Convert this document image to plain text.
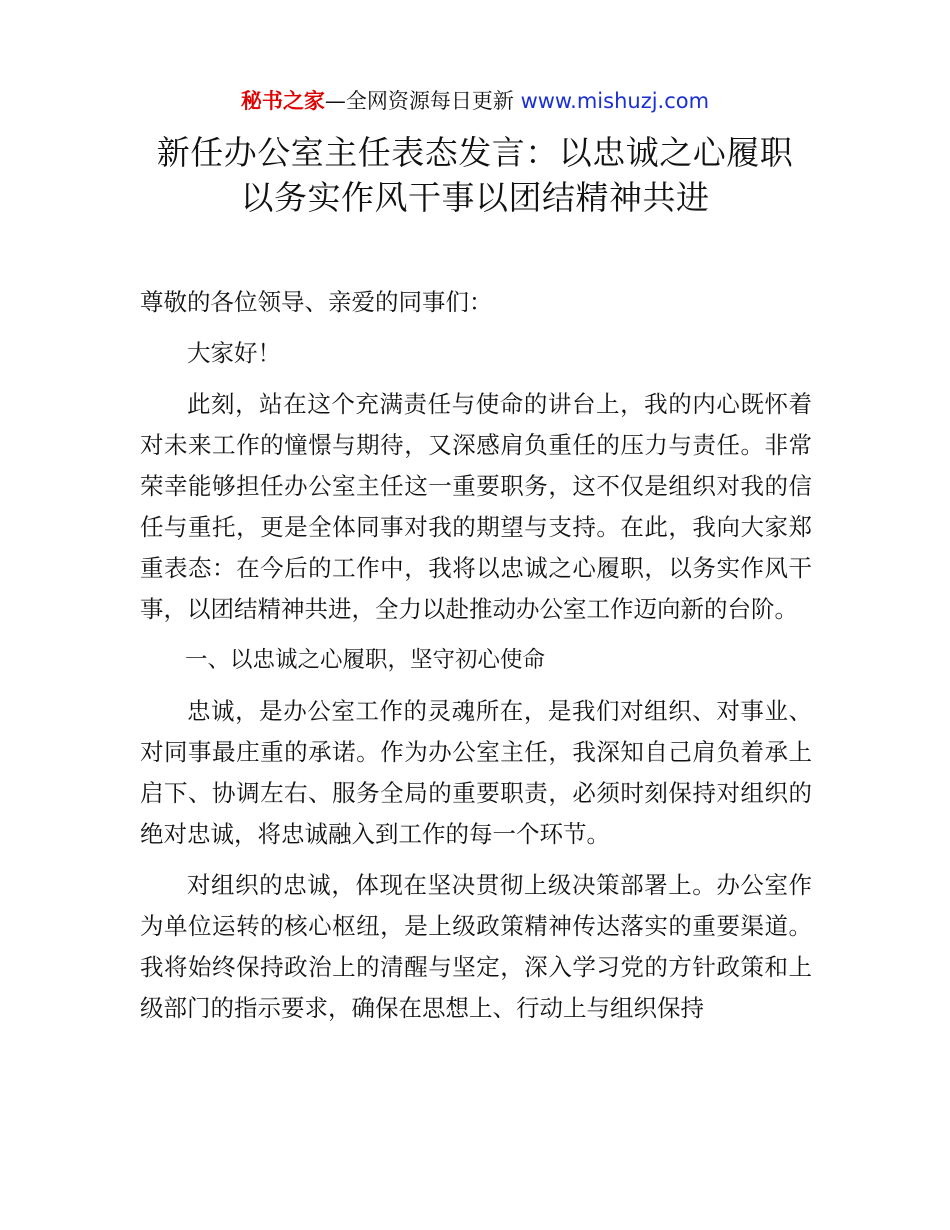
秘书之家—全网资源每日更新 www.mishuzj.com
新任办公室主任表态发言：以忠诚之心履职
以务实作风干事以团结精神共进

尊敬的各位领导、亲爱的同事们：

大家好！

此刻，站在这个充满责任与使命的讲台上，我的内心既怀着对未来工作的憧憬与期待，又深感肩负重任的压力与责任。非常荣幸能够担任办公室主任这一重要职务，这不仅是组织对我的信任与重托，更是全体同事对我的期望与支持。在此，我向大家郑重表态：在今后的工作中，我将以忠诚之心履职，以务实作风干事，以团结精神共进，全力以赴推动办公室工作迈向新的台阶。

一、以忠诚之心履职，坚守初心使命

忠诚，是办公室工作的灵魂所在，是我们对组织、对事业、对同事最庄重的承诺。作为办公室主任，我深知自己肩负着承上启下、协调左右、服务全局的重要职责，必须时刻保持对组织的绝对忠诚，将忠诚融入到工作的每一个环节。

对组织的忠诚，体现在坚决贯彻上级决策部署上。办公室作为单位运转的核心枢纽，是上级政策精神传达落实的重要渠道。我将始终保持政治上的清醒与坚定，深入学习党的方针政策和上级部门的指示要求，确保在思想上、行动上与组织保持
